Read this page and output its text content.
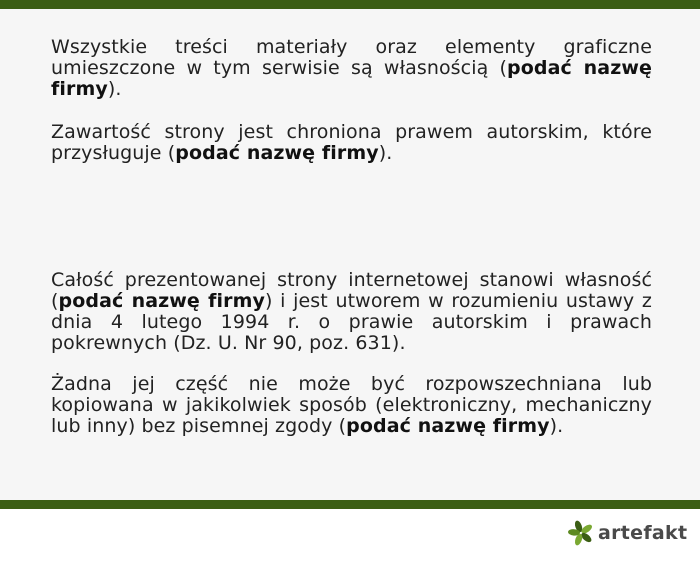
Wszystkie treści materiały oraz elementy graficzne umieszczone w tym serwisie są własnością (podać nazwę firmy).

Zawartość strony jest chroniona prawem autorskim, które przysługuje (podać nazwę firmy).

Całość prezentowanej strony internetowej stanowi własność (podać nazwę firmy) i jest utworem w rozumieniu ustawy z dnia 4 lutego 1994 r. o prawie autorskim i prawach pokrewnych (Dz. U. Nr 90, poz. 631).

Żadna jej część nie może być rozpowszechniana lub kopiowana w jakikolwiek sposób (elektroniczny, mechaniczny lub inny) bez pisemnej zgody (podać nazwę firmy).

artefakt
